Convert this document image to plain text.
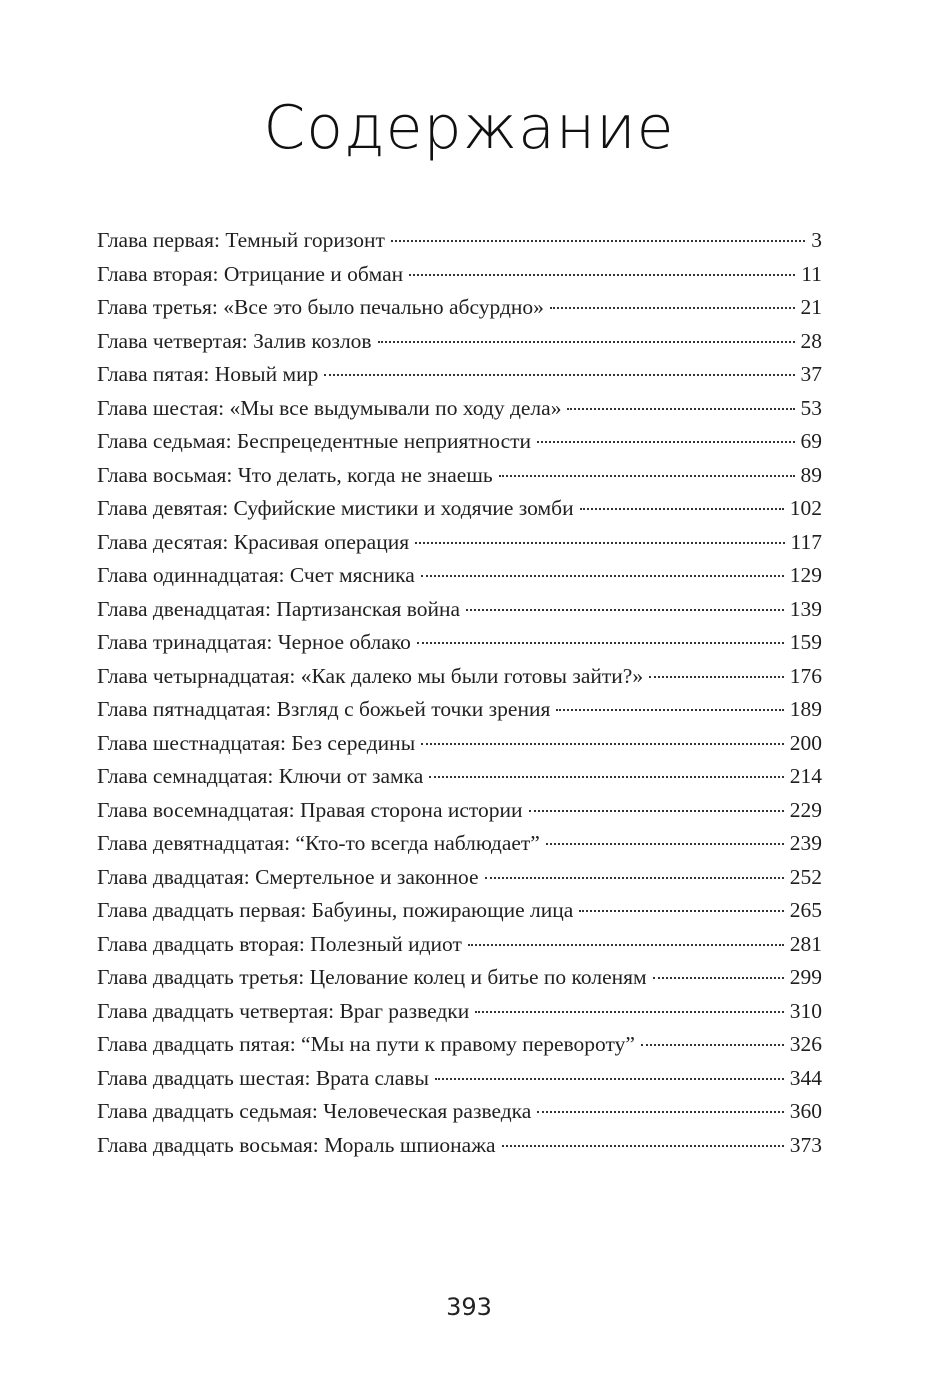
Содержание
Глава первая: Темный горизонт	3
Глава вторая: Отрицание и обман	11
Глава третья: «Все это было печально абсурдно»	21
Глава четвертая: Залив козлов	28
Глава пятая: Новый мир	37
Глава шестая: «Мы все выдумывали по ходу дела»	53
Глава седьмая: Беспрецедентные неприятности	69
Глава восьмая: Что делать, когда не знаешь	89
Глава девятая: Суфийские мистики и ходячие зомби	102
Глава десятая: Красивая операция	117
Глава одиннадцатая: Счет мясника	129
Глава двенадцатая: Партизанская война	139
Глава тринадцатая: Черное облако	159
Глава четырнадцатая: «Как далеко мы были готовы зайти?»	176
Глава пятнадцатая: Взгляд с божьей точки зрения	189
Глава шестнадцатая: Без середины	200
Глава семнадцатая: Ключи от замка	214
Глава восемнадцатая: Правая сторона истории	229
Глава девятнадцатая: “Кто-то всегда наблюдает”	239
Глава двадцатая: Смертельное и законное	252
Глава двадцать первая: Бабуины, пожирающие лица	265
Глава двадцать вторая: Полезный идиот	281
Глава двадцать третья: Целование колец и битье по коленям	299
Глава двадцать четвертая: Враг разведки	310
Глава двадцать пятая: “Мы на пути к правому перевороту”	326
Глава двадцать шестая: Врата славы	344
Глава двадцать седьмая: Человеческая разведка	360
Глава двадцать восьмая: Мораль шпионажа	373
393
